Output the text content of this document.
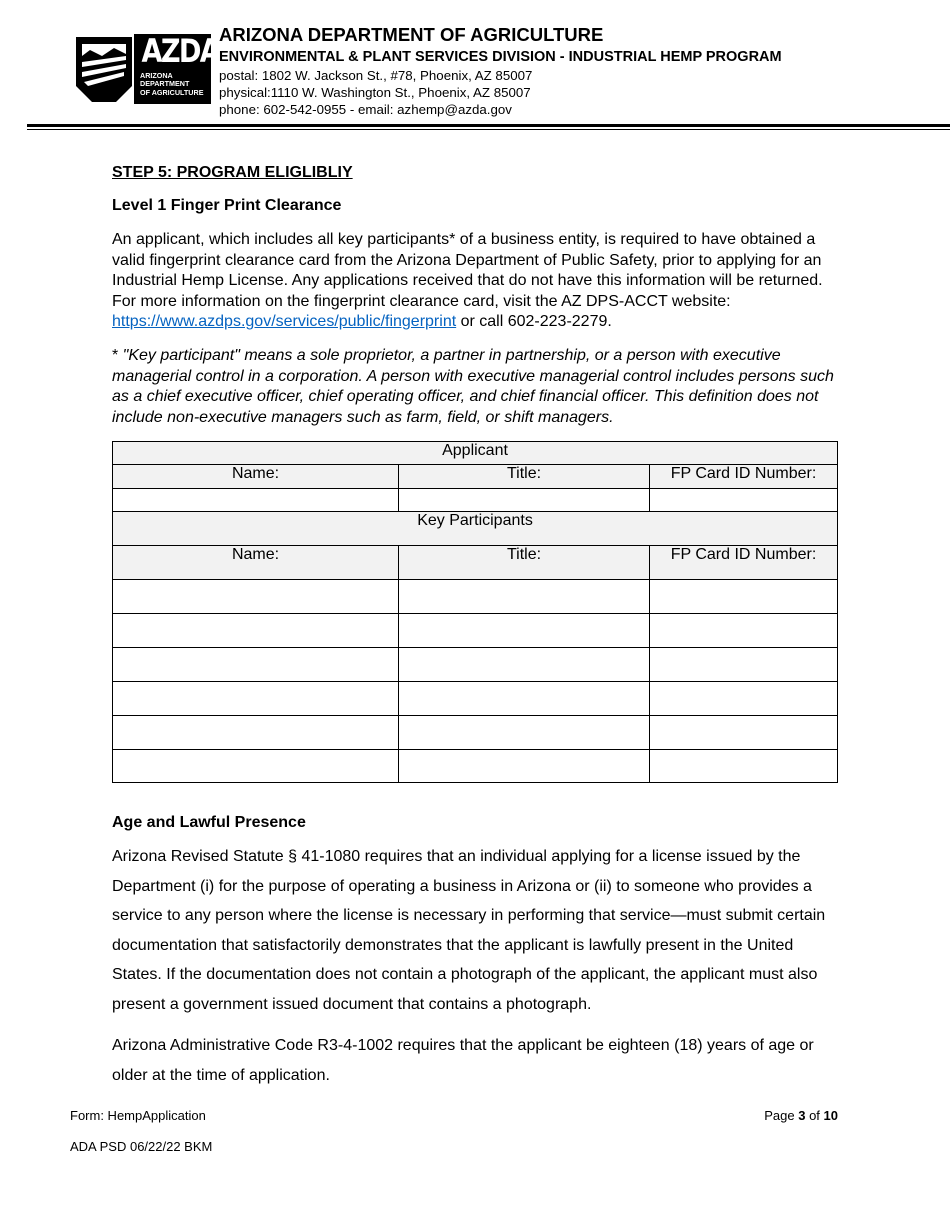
AZDA
ARIZONA
DEPARTMENT
OF AGRICULTURE
ARIZONA DEPARTMENT OF AGRICULTURE
ENVIRONMENTAL & PLANT SERVICES DIVISION - INDUSTRIAL HEMP PROGRAM
postal: 1802 W. Jackson St., #78, Phoenix, AZ 85007
physical:1110 W. Washington St., Phoenix, AZ 85007
phone: 602-542-0955 - email: azhemp@azda.gov
STEP 5: PROGRAM ELIGLIBLIY
Level 1 Finger Print Clearance
An applicant, which includes all key participants* of a business entity, is required to have obtained a valid fingerprint clearance card from the Arizona Department of Public Safety, prior to applying for an Industrial Hemp License. Any applications received that do not have this information will be returned. For more information on the fingerprint clearance card, visit the AZ DPS-ACCT website: https://www.azdps.gov/services/public/fingerprint or call 602-223-2279.
* "Key participant" means a sole proprietor, a partner in partnership, or a person with executive managerial control in a corporation. A person with executive managerial control includes persons such as a chief executive officer, chief operating officer, and chief financial officer. This definition does not include non-executive managers such as farm, field, or shift managers.
Applicant		
Name:	Title:	FP Card ID Number:

Key Participants		
Name:	Title:	FP Card ID Number:

Age and Lawful Presence
Arizona Revised Statute § 41-1080 requires that an individual applying for a license issued by the Department (i) for the purpose of operating a business in Arizona or (ii) to someone who provides a service to any person where the license is necessary in performing that service—must submit certain documentation that satisfactorily demonstrates that the applicant is lawfully present in the United States. If the documentation does not contain a photograph of the applicant, the applicant must also present a government issued document that contains a photograph.
Arizona Administrative Code R3-4-1002 requires that the applicant be eighteen (18) years of age or older at the time of application.
Form: HempApplication
ADA PSD 06/22/22 BKM
Page 3 of 10
